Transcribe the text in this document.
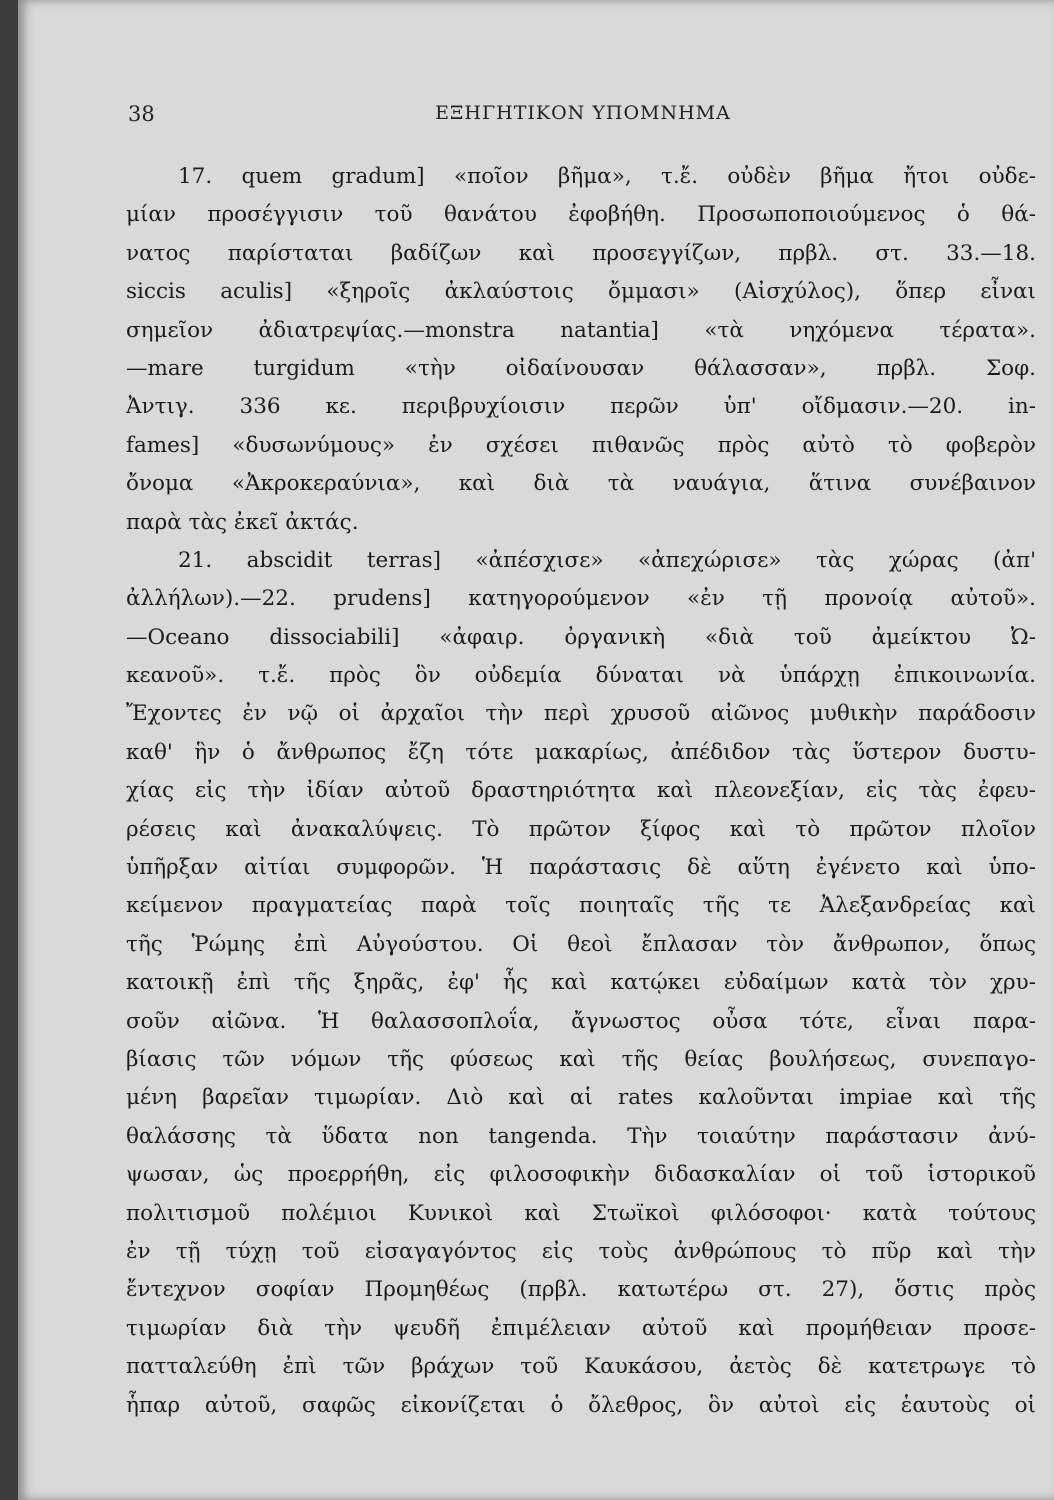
38	ΕΞΗΓΗΤΙΚΟΝ ΥΠΟΜΝΗΜΑ
17. quem gradum] «ποῖον βῆμα», τ.ἔ. οὐδὲν βῆμα ἤτοι οὐδε-
μίαν προσέγγισιν τοῦ θανάτου ἐφοβήθη. Προσωποποιούμενος ὁ θά-
νατος παρίσταται βαδίζων καὶ προσεγγίζων, πρβλ. στ. 33.—18.
siccis aculis] «ξηροῖς ἀκλαύστοις ὄμμασι» (Αἰσχύλος), ὅπερ εἶναι
σημεῖον ἀδιατρεψίας.—monstra natantia] «τὰ νηχόμενα τέρατα».
—mare turgidum «τὴν οἰδαίνουσαν θάλασσαν», πρβλ. Σοφ.
Ἀντιγ. 336 κε. περιβρυχίοισιν περῶν ὑπ' οἴδμασιν.—20. in-
fames] «δυσωνύμους» ἐν σχέσει πιθανῶς πρὸς αὐτὸ τὸ φοβερὸν
ὄνομα «Ἀκροκεραύνια», καὶ διὰ τὰ ναυάγια, ἅτινα συνέβαινον
παρὰ τὰς ἐκεῖ ἀκτάς.
21. abscidit terras] «ἀπέσχισε» «ἀπεχώρισε» τὰς χώρας (ἀπ'
ἀλλήλων).—22. prudens] κατηγορούμενον «ἐν τῇ προνοίᾳ αὐτοῦ».
—Oceano dissociabili] «ἀφαιρ. ὀργανικὴ «διὰ τοῦ ἀμείκτου Ὠ-
κεανοῦ». τ.ἔ. πρὸς ὃν οὐδεμία δύναται νὰ ὑπάρχῃ ἐπικοινωνία.
Ἔχοντες ἐν νῷ οἱ ἀρχαῖοι τὴν περὶ χρυσοῦ αἰῶνος μυθικὴν παράδοσιν
καθ' ἣν ὁ ἄνθρωπος ἔζη τότε μακαρίως, ἀπέδιδον τὰς ὕστερον δυστυ-
χίας εἰς τὴν ἰδίαν αὐτοῦ δραστηριότητα καὶ πλεονεξίαν, εἰς τὰς ἐφευ-
ρέσεις καὶ ἀνακαλύψεις. Τὸ πρῶτον ξίφος καὶ τὸ πρῶτον πλοῖον
ὑπῆρξαν αἰτίαι συμφορῶν. Ἡ παράστασις δὲ αὕτη ἐγένετο καὶ ὑπο-
κείμενον πραγματείας παρὰ τοῖς ποιηταῖς τῆς τε Ἀλεξανδρείας καὶ
τῆς Ῥώμης ἐπὶ Αὐγούστου. Οἱ θεοὶ ἔπλασαν τὸν ἄνθρωπον, ὅπως
κατοικῇ ἐπὶ τῆς ξηρᾶς, ἐφ' ἧς καὶ κατῴκει εὐδαίμων κατὰ τὸν χρυ-
σοῦν αἰῶνα. Ἡ θαλασσοπλοΐα, ἄγνωστος οὖσα τότε, εἶναι παρα-
βίασις τῶν νόμων τῆς φύσεως καὶ τῆς θείας βουλήσεως, συνεπαγο-
μένη βαρεῖαν τιμωρίαν. Διὸ καὶ αἱ rates καλοῦνται impiae καὶ τῆς
θαλάσσης τὰ ὕδατα non tangenda. Τὴν τοιαύτην παράστασιν ἀνύ-
ψωσαν, ὡς προερρήθη, εἰς φιλοσοφικὴν διδασκαλίαν οἱ τοῦ ἱστορικοῦ
πολιτισμοῦ πολέμιοι Κυνικοὶ καὶ Στωϊκοὶ φιλόσοφοι· κατὰ τούτους
ἐν τῇ τύχῃ τοῦ εἰσαγαγόντος εἰς τοὺς ἀνθρώπους τὸ πῦρ καὶ τὴν
ἔντεχνον σοφίαν Προμηθέως (πρβλ. κατωτέρω στ. 27), ὅστις πρὸς
τιμωρίαν διὰ τὴν ψευδῆ ἐπιμέλειαν αὐτοῦ καὶ προμήθειαν προσε-
πατταλεύθη ἐπὶ τῶν βράχων τοῦ Καυκάσου, ἀετὸς δὲ κατετρωγε τὸ
ἧπαρ αὐτοῦ, σαφῶς εἰκονίζεται ὁ ὄλεθρος, ὃν αὐτοὶ εἰς ἑαυτοὺς οἱ
